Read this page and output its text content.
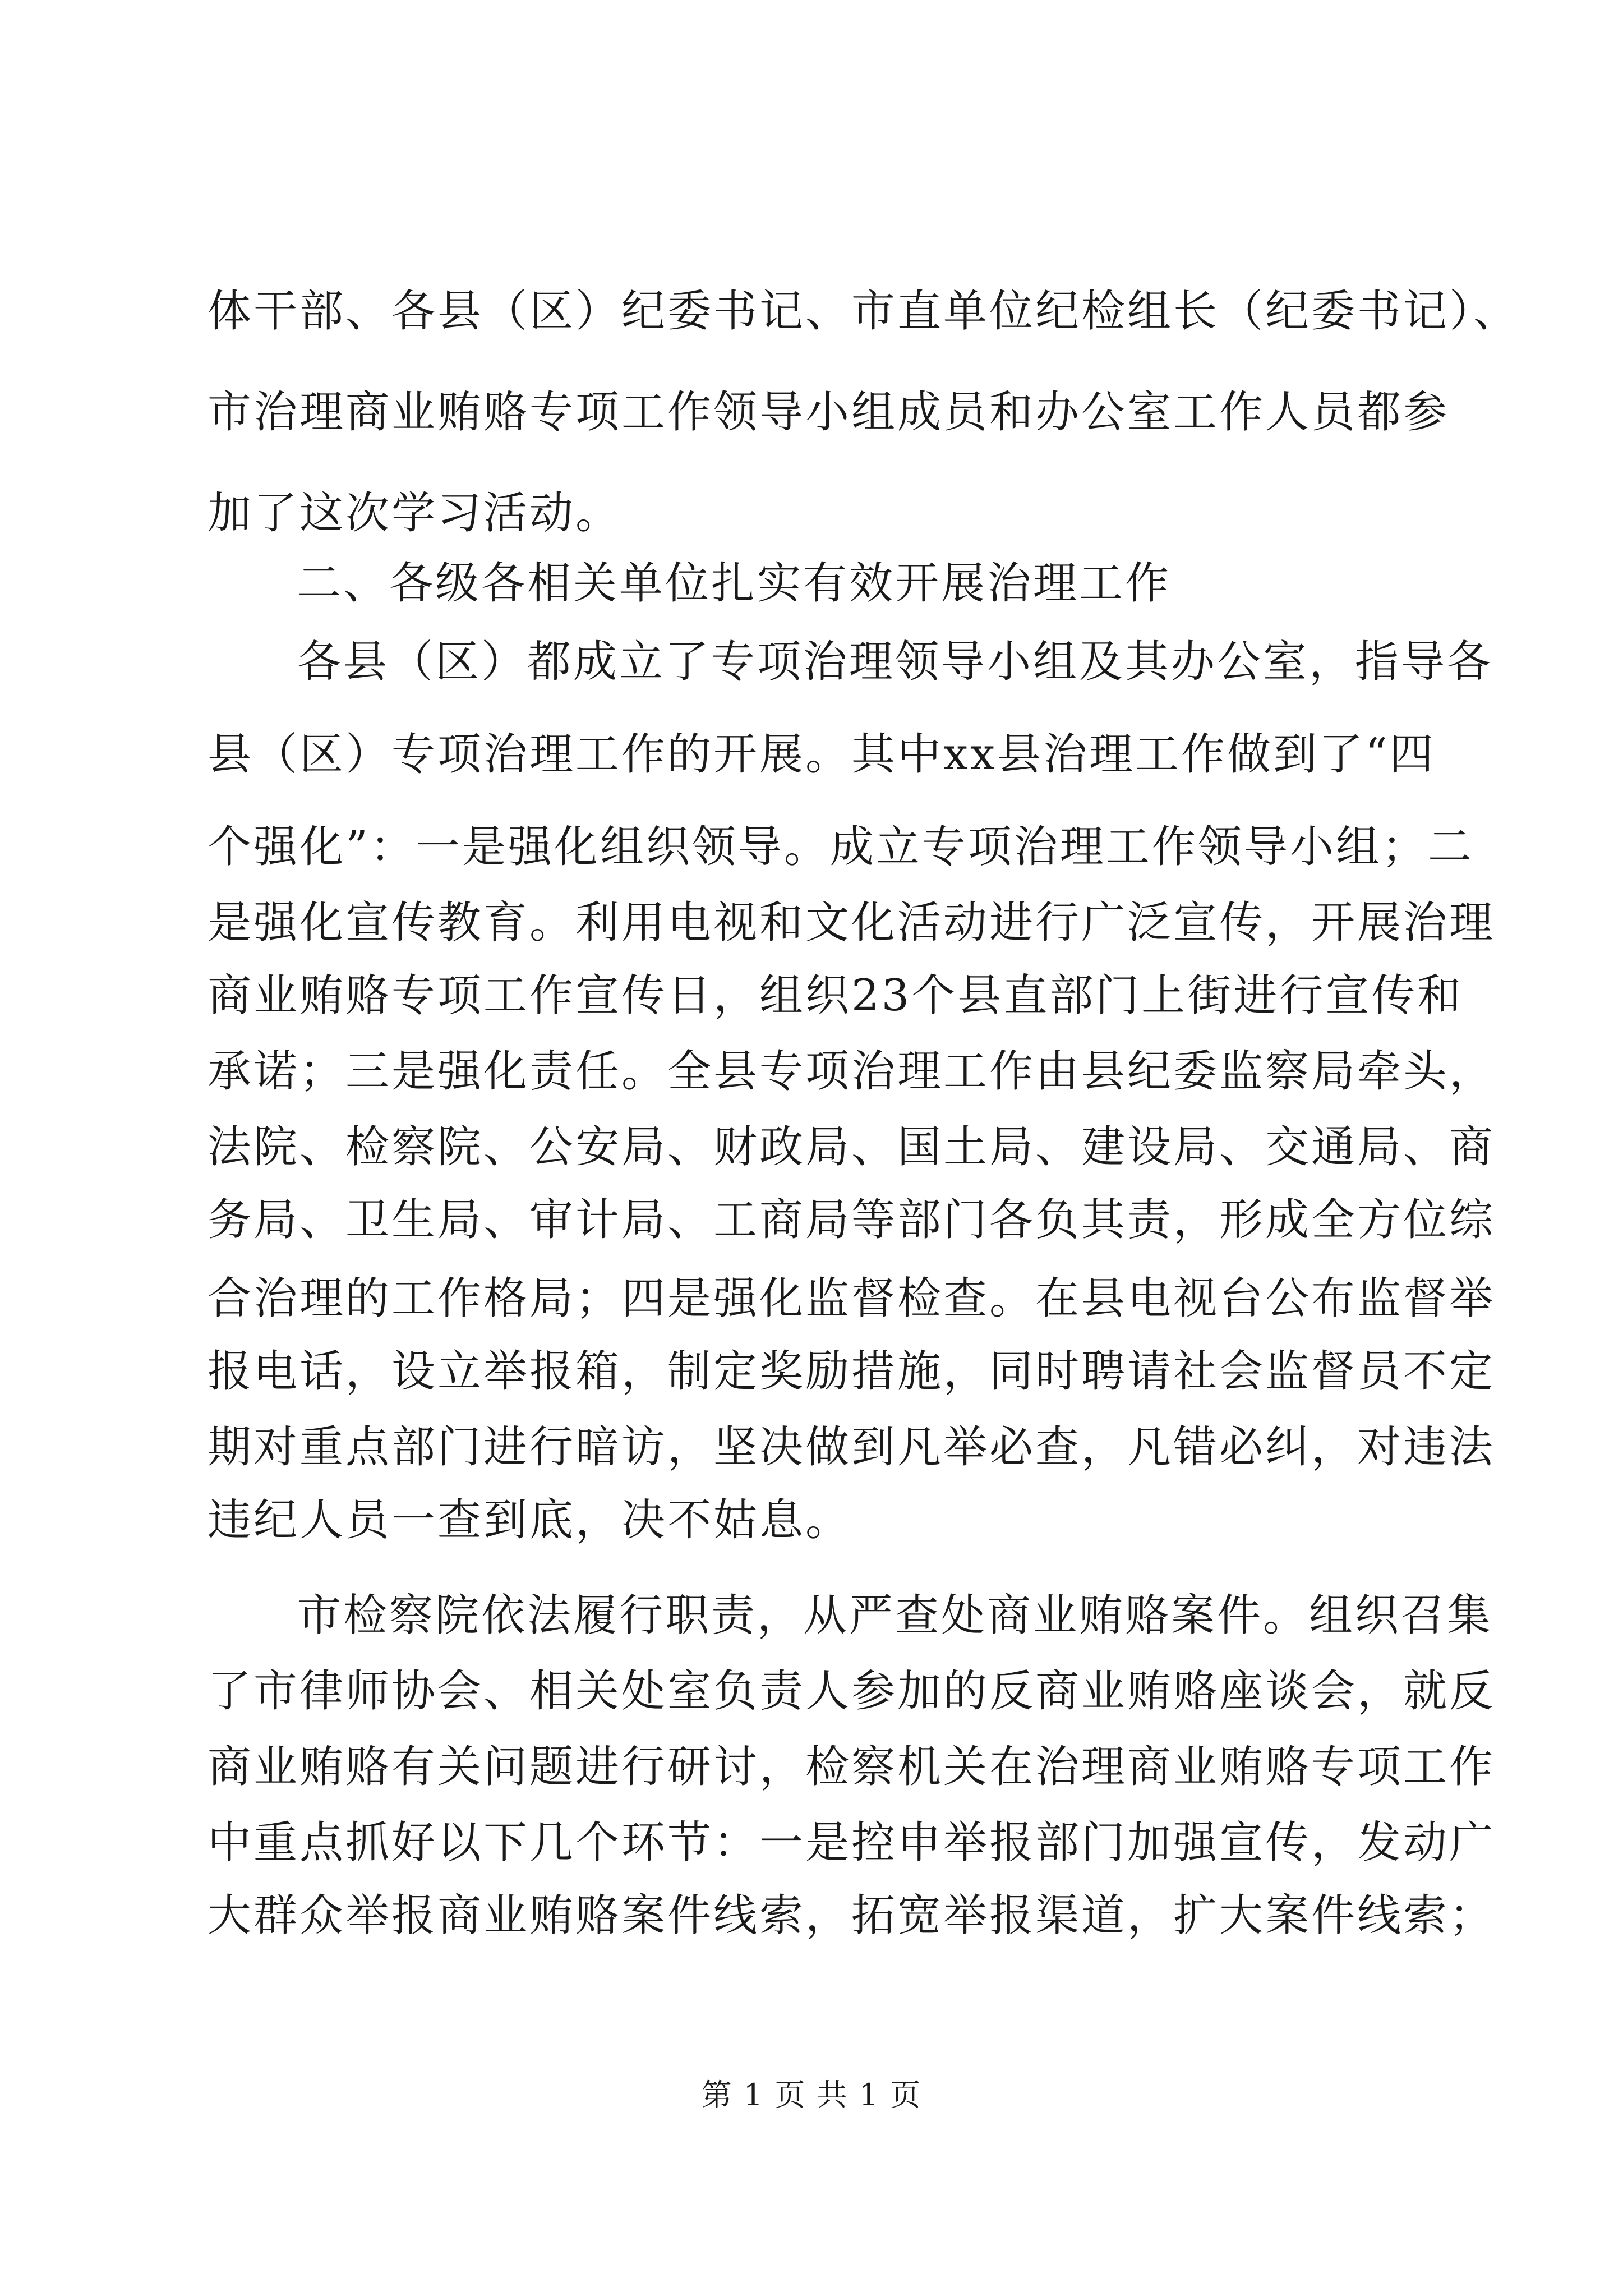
体干部、各县（区）纪委书记、市直单位纪检组长（纪委书记）、
市治理商业贿赂专项工作领导小组成员和办公室工作人员都参
加了这次学习活动。
二、各级各相关单位扎实有效开展治理工作
各县（区）都成立了专项治理领导小组及其办公室，指导各
县（区）专项治理工作的开展。其中xx县治理工作做到了“四
个强化”：一是强化组织领导。成立专项治理工作领导小组；二
是强化宣传教育。利用电视和文化活动进行广泛宣传，开展治理
商业贿赂专项工作宣传日，组织23个县直部门上街进行宣传和
承诺；三是强化责任。全县专项治理工作由县纪委监察局牵头，
法院、检察院、公安局、财政局、国土局、建设局、交通局、商
务局、卫生局、审计局、工商局等部门各负其责，形成全方位综
合治理的工作格局；四是强化监督检查。在县电视台公布监督举
报电话，设立举报箱，制定奖励措施，同时聘请社会监督员不定
期对重点部门进行暗访，坚决做到凡举必查，凡错必纠，对违法
违纪人员一查到底，决不姑息。
市检察院依法履行职责，从严查处商业贿赂案件。组织召集
了市律师协会、相关处室负责人参加的反商业贿赂座谈会，就反
商业贿赂有关问题进行研讨，检察机关在治理商业贿赂专项工作
中重点抓好以下几个环节：一是控申举报部门加强宣传，发动广
大群众举报商业贿赂案件线索，拓宽举报渠道，扩大案件线索；
第 1 页 共 1 页
